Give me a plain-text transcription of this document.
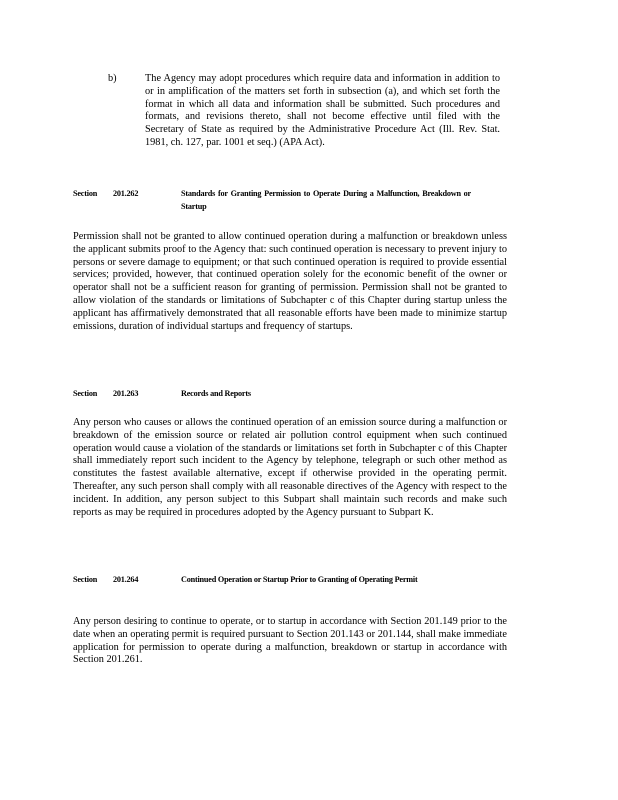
b)	The Agency may adopt procedures which require data and information in addition to or in amplification of the matters set forth in subsection (a), and which set forth the format in which all data and information shall be submitted. Such procedures and formats, and revisions thereto, shall not become effective until filed with the Secretary of State as required by the Administrative Procedure Act (Ill. Rev. Stat. 1981, ch. 127, par. 1001 et seq.) (APA Act).
Section 201.262	Standards for Granting Permission to Operate During a Malfunction, Breakdown or Startup
Permission shall not be granted to allow continued operation during a malfunction or breakdown unless the applicant submits proof to the Agency that: such continued operation is necessary to prevent injury to persons or severe damage to equipment; or that such continued operation is required to provide essential services; provided, however, that continued operation solely for the economic benefit of the owner or operator shall not be a sufficient reason for granting of permission. Permission shall not be granted to allow violation of the standards or limitations of Subchapter c of this Chapter during startup unless the applicant has affirmatively demonstrated that all reasonable efforts have been made to minimize startup emissions, duration of individual startups and frequency of startups.
Section 201.263	Records and Reports
Any person who causes or allows the continued operation of an emission source during a malfunction or breakdown of the emission source or related air pollution control equipment when such continued operation would cause a violation of the standards or limitations set forth in Subchapter c of this Chapter shall immediately report such incident to the Agency by telephone, telegraph or such other method as constitutes the fastest available alternative, except if otherwise provided in the operating permit. Thereafter, any such person shall comply with all reasonable directives of the Agency with respect to the incident. In addition, any person subject to this Subpart shall maintain such records and make such reports as may be required in procedures adopted by the Agency pursuant to Subpart K.
Section 201.264	Continued Operation or Startup Prior to Granting of Operating Permit
Any person desiring to continue to operate, or to startup in accordance with Section 201.149 prior to the date when an operating permit is required pursuant to Section 201.143 or 201.144, shall make immediate application for permission to operate during a malfunction, breakdown or startup in accordance with Section 201.261.
